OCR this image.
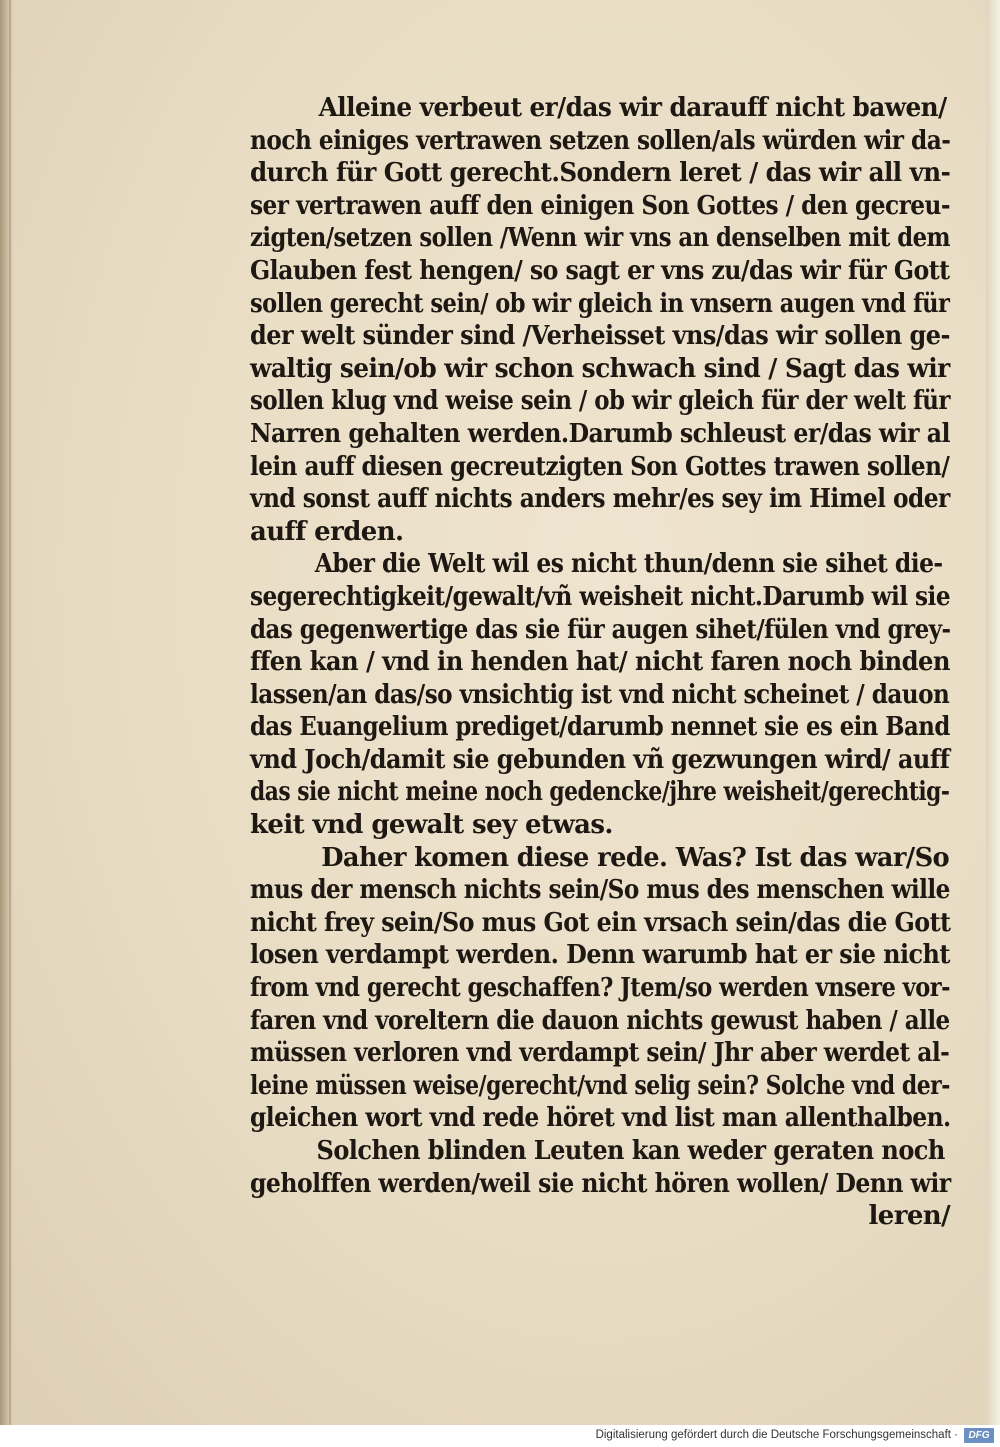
Alleine verbeut er/das wir darauff nicht bawen/
noch einiges vertrawen setzen sollen/als würden wir da-
durch für Gott gerecht.Sondern leret / das wir all vn-
ser vertrawen auff den einigen Son Gottes / den gecreu-
zigten/setzen sollen /Wenn wir vns an denselben mit dem
Glauben fest hengen/ so sagt er vns zu/das wir für Gott
sollen gerecht sein/ ob wir gleich in vnsern augen vnd für
der welt sünder sind /Verheisset vns/das wir sollen ge-
waltig sein/ob wir schon schwach sind / Sagt das wir
sollen klug vnd weise sein / ob wir gleich für der welt für
Narren gehalten werden.Darumb schleust er/das wir al
lein auff diesen gecreutzigten Son Gottes trawen sollen/
vnd sonst auff nichts anders mehr/es sey im Himel oder
auff erden.
Aber die Welt wil es nicht thun/denn sie sihet die-
segerechtigkeit/gewalt/vñ weisheit nicht.Darumb wil sie
das gegenwertige das sie für augen sihet/fülen vnd grey-
ffen kan / vnd in henden hat/ nicht faren noch binden
lassen/an das/so vnsichtig ist vnd nicht scheinet / dauon
das Euangelium prediget/darumb nennet sie es ein Band
vnd Joch/damit sie gebunden vñ gezwungen wird/ auff
das sie nicht meine noch gedencke/jhre weisheit/gerechtig-
keit vnd gewalt sey etwas.
Daher komen diese rede. Was? Ist das war/So
mus der mensch nichts sein/So mus des menschen wille
nicht frey sein/So mus Got ein vrsach sein/das die Gott
losen verdampt werden. Denn warumb hat er sie nicht
from vnd gerecht geschaffen? Jtem/so werden vnsere vor-
faren vnd voreltern die dauon nichts gewust haben / alle
müssen verloren vnd verdampt sein/ Jhr aber werdet al-
leine müssen weise/gerecht/vnd selig sein? Solche vnd der-
gleichen wort vnd rede höret vnd list man allenthalben.
Solchen blinden Leuten kan weder geraten noch
geholffen werden/weil sie nicht hören wollen/ Denn wir
leren/
Digitalisierung gefördert durch die Deutsche Forschungsgemeinschaft ·	DFG
